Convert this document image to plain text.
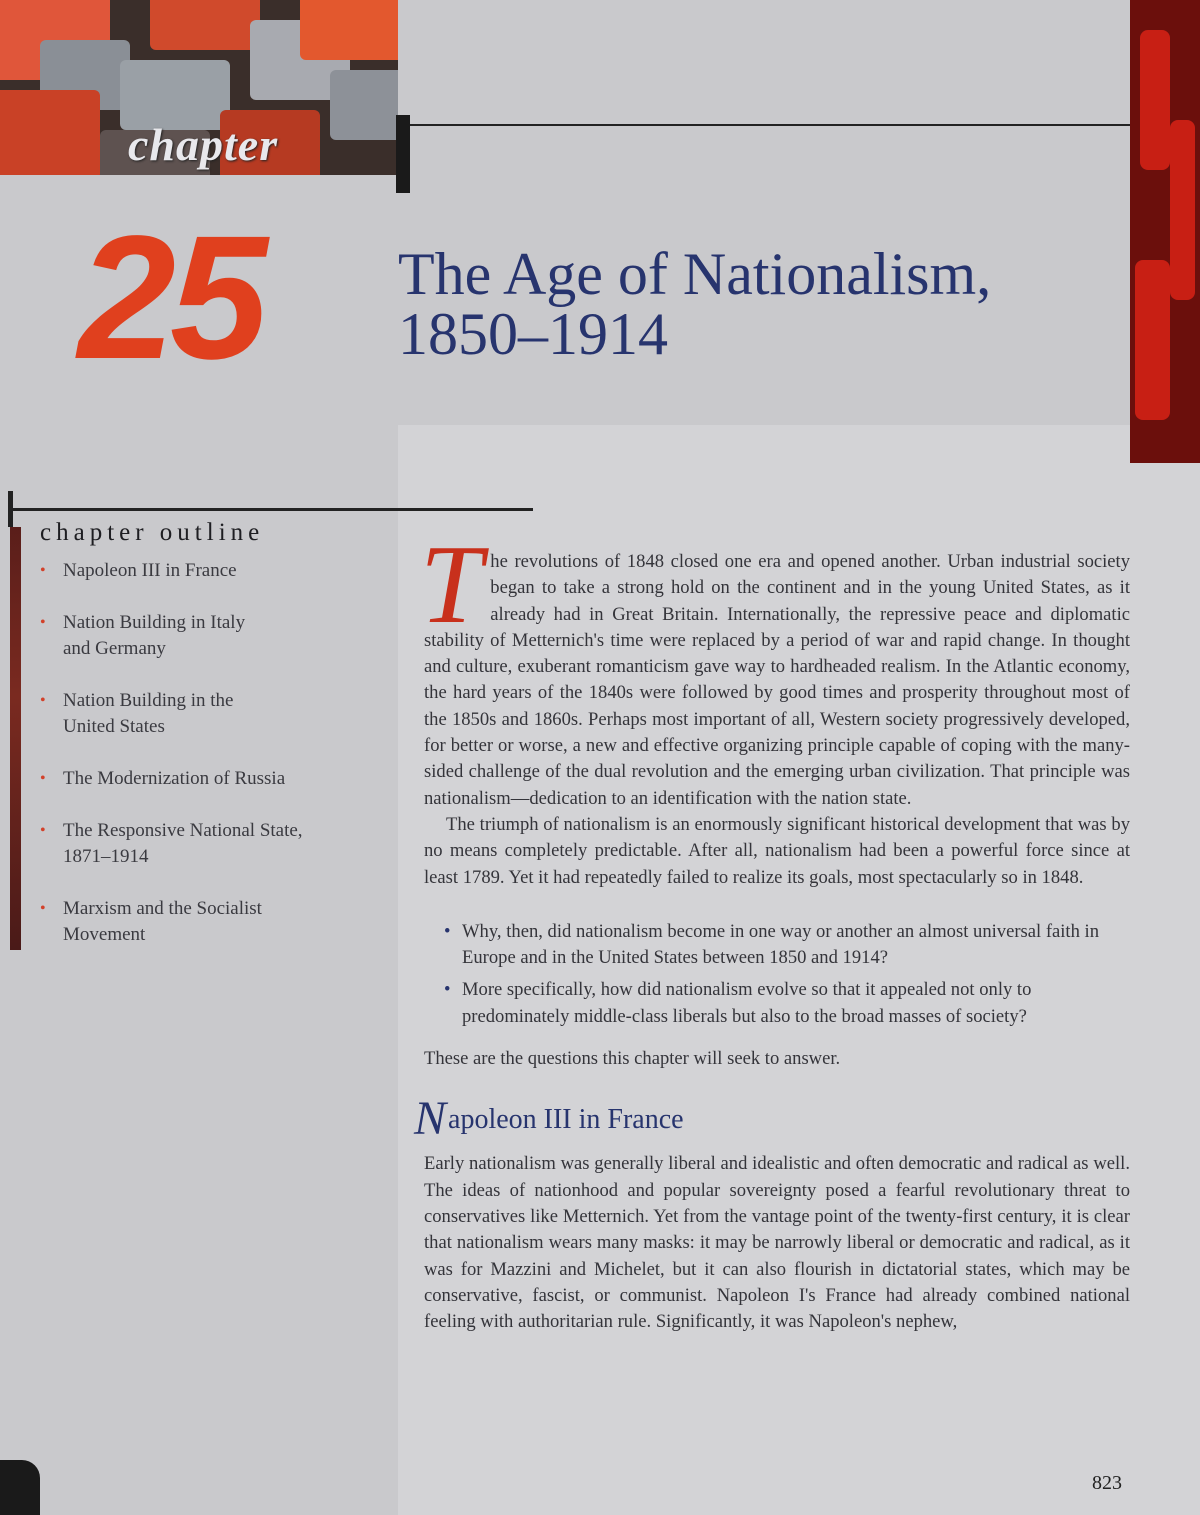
chapter
25 The Age of Nationalism,
1850–1914
chapter outline
• Napoleon III in France
• Nation Building in Italy
and Germany
• Nation Building in the
United States
• The Modernization of Russia
• The Responsive National State,
1871–1914
• Marxism and the Socialist
Movement

The revolutions of 1848 closed one era and opened another. Urban industrial society began to take a strong hold on the continent and in the young United States, as it already had in Great Britain. Internationally, the repressive peace and diplomatic stability of Metternich's time were replaced by a period of war and rapid change. In thought and culture, exuberant romanticism gave way to hardheaded realism. In the Atlantic economy, the hard years of the 1840s were followed by good times and prosperity throughout most of the 1850s and 1860s. Perhaps most important of all, Western society progressively developed, for better or worse, a new and effective organizing principle capable of coping with the many-sided challenge of the dual revolution and the emerging urban civilization. That principle was nationalism—dedication to an identification with the nation state.

The triumph of nationalism is an enormously significant historical development that was by no means completely predictable. After all, nationalism had been a powerful force since at least 1789. Yet it had repeatedly failed to realize its goals, most spectacularly so in 1848.

• Why, then, did nationalism become in one way or another an almost universal faith in Europe and in the United States between 1850 and 1914?
• More specifically, how did nationalism evolve so that it appealed not only to predominately middle-class liberals but also to the broad masses of society?

These are the questions this chapter will seek to answer.

Napoleon III in France

Early nationalism was generally liberal and idealistic and often democratic and radical as well. The ideas of nationhood and popular sovereignty posed a fearful revolutionary threat to conservatives like Metternich. Yet from the vantage point of the twenty-first century, it is clear that nationalism wears many masks: it may be narrowly liberal or democratic and radical, as it was for Mazzini and Michelet, but it can also flourish in dictatorial states, which may be conservative, fascist, or communist. Napoleon I's France had already combined national feeling with authoritarian rule. Significantly, it was Napoleon's nephew,

823
